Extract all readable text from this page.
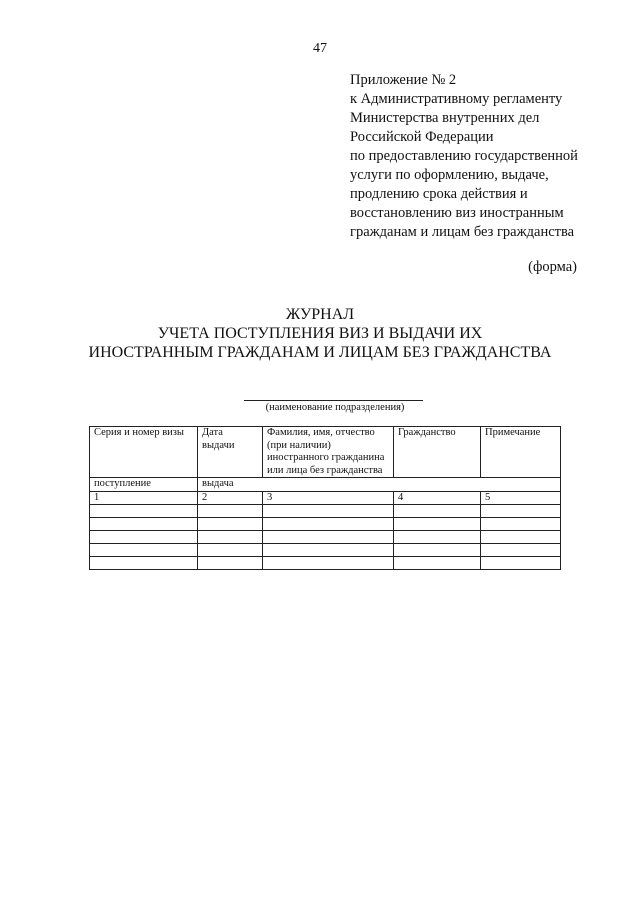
47
Приложение № 2
к Административному регламенту
Министерства внутренних дел
Российской Федерации
по предоставлению государственной
услуги по оформлению, выдаче,
продлению срока действия и
восстановлению виз иностранным
гражданам и лицам без гражданства
(форма)
ЖУРНАЛ
УЧЕТА ПОСТУПЛЕНИЯ ВИЗ И ВЫДАЧИ ИХ
ИНОСТРАННЫМ ГРАЖДАНАМ И ЛИЦАМ БЕЗ ГРАЖДАНСТВА
(наименование подразделения)
Серия и номер визы	Дата выдачи	Фамилия, имя, отчество (при наличии) иностранного гражданина или лица без гражданства	Гражданство	Примечание
поступление	выдача			
1	2	3	4	5
